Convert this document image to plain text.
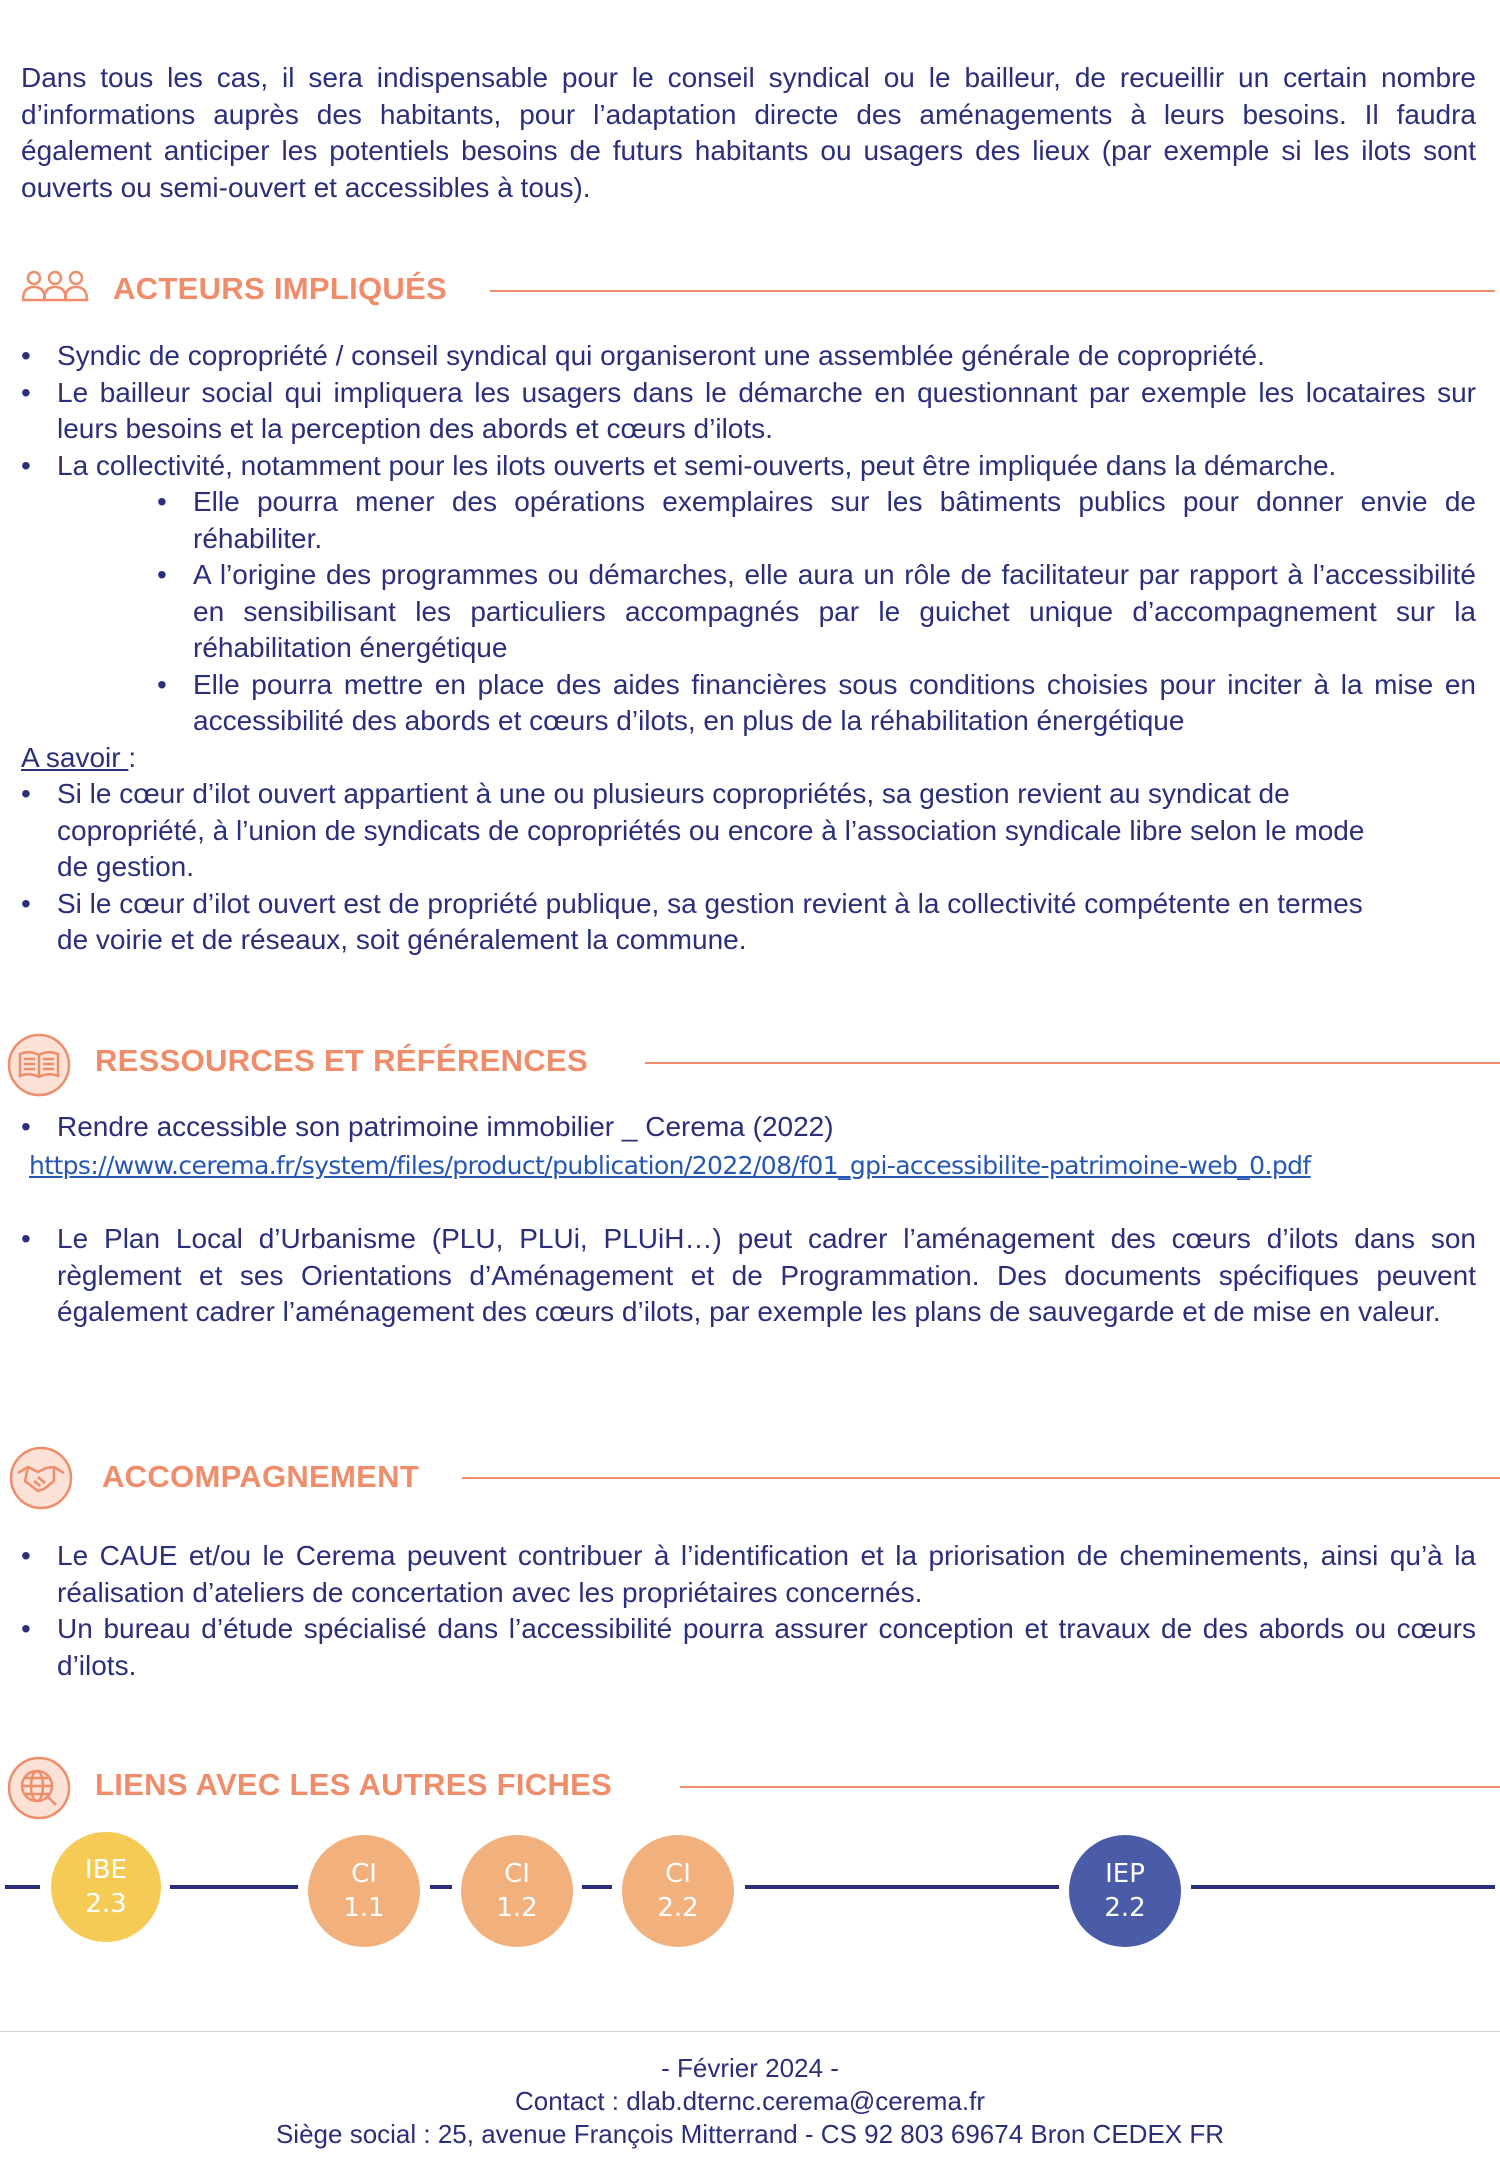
Dans tous les cas, il sera indispensable pour le conseil syndical ou le bailleur, de recueillir un certain nombre d’informations auprès des habitants, pour l’adaptation directe des aménagements à leurs besoins. Il faudra également anticiper les potentiels besoins de futurs habitants ou usagers des lieux (par exemple si les ilots sont ouverts ou semi-ouvert et accessibles à tous).
ACTEURS IMPLIQUÉS
• Syndic de copropriété / conseil syndical qui organiseront une assemblée générale de copropriété.
• Le bailleur social qui impliquera les usagers dans le démarche en questionnant par exemple les locataires sur leurs besoins et la perception des abords et cœurs d’ilots.
• La collectivité, notamment pour les ilots ouverts et semi-ouverts, peut être impliquée dans la démarche.
• Elle pourra mener des opérations exemplaires sur les bâtiments publics pour donner envie de réhabiliter.
• A l’origine des programmes ou démarches, elle aura un rôle de facilitateur par rapport à l’accessibilité en sensibilisant les particuliers accompagnés par le guichet unique d’accompagnement sur la réhabilitation énergétique
• Elle pourra mettre en place des aides financières sous conditions choisies pour inciter à la mise en accessibilité des abords et cœurs d’ilots, en plus de la réhabilitation énergétique
A savoir :
• Si le cœur d’ilot ouvert appartient à une ou plusieurs copropriétés, sa gestion revient au syndicat de copropriété, à l’union de syndicats de copropriétés ou encore à l’association syndicale libre selon le mode de gestion.
• Si le cœur d’ilot ouvert est de propriété publique, sa gestion revient à la collectivité compétente en termes de voirie et de réseaux, soit généralement la commune.
RESSOURCES ET RÉFÉRENCES
• Rendre accessible son patrimoine immobilier _ Cerema (2022)
https://www.cerema.fr/system/files/product/publication/2022/08/f01_gpi-accessibilite-patrimoine-web_0.pdf
• Le Plan Local d’Urbanisme (PLU, PLUi, PLUiH…) peut cadrer l’aménagement des cœurs d’ilots dans son règlement et ses Orientations d’Aménagement et de Programmation. Des documents spécifiques peuvent également cadrer l’aménagement des cœurs d’ilots, par exemple les plans de sauvegarde et de mise en valeur.
ACCOMPAGNEMENT
• Le CAUE et/ou le Cerema peuvent contribuer à l’identification et la priorisation de cheminements, ainsi qu’à la réalisation d’ateliers de concertation avec les propriétaires concernés.
• Un bureau d’étude spécialisé dans l’accessibilité pourra assurer conception et travaux de des abords ou cœurs d’ilots.
LIENS AVEC LES AUTRES FICHES
IBE
2.3
CI
1.1
CI
1.2
CI
2.2
IEP
2.2
- Février 2024 -
Contact : dlab.dternc.cerema@cerema.fr
Siège social : 25, avenue François Mitterrand - CS 92 803 69674 Bron CEDEX FR
